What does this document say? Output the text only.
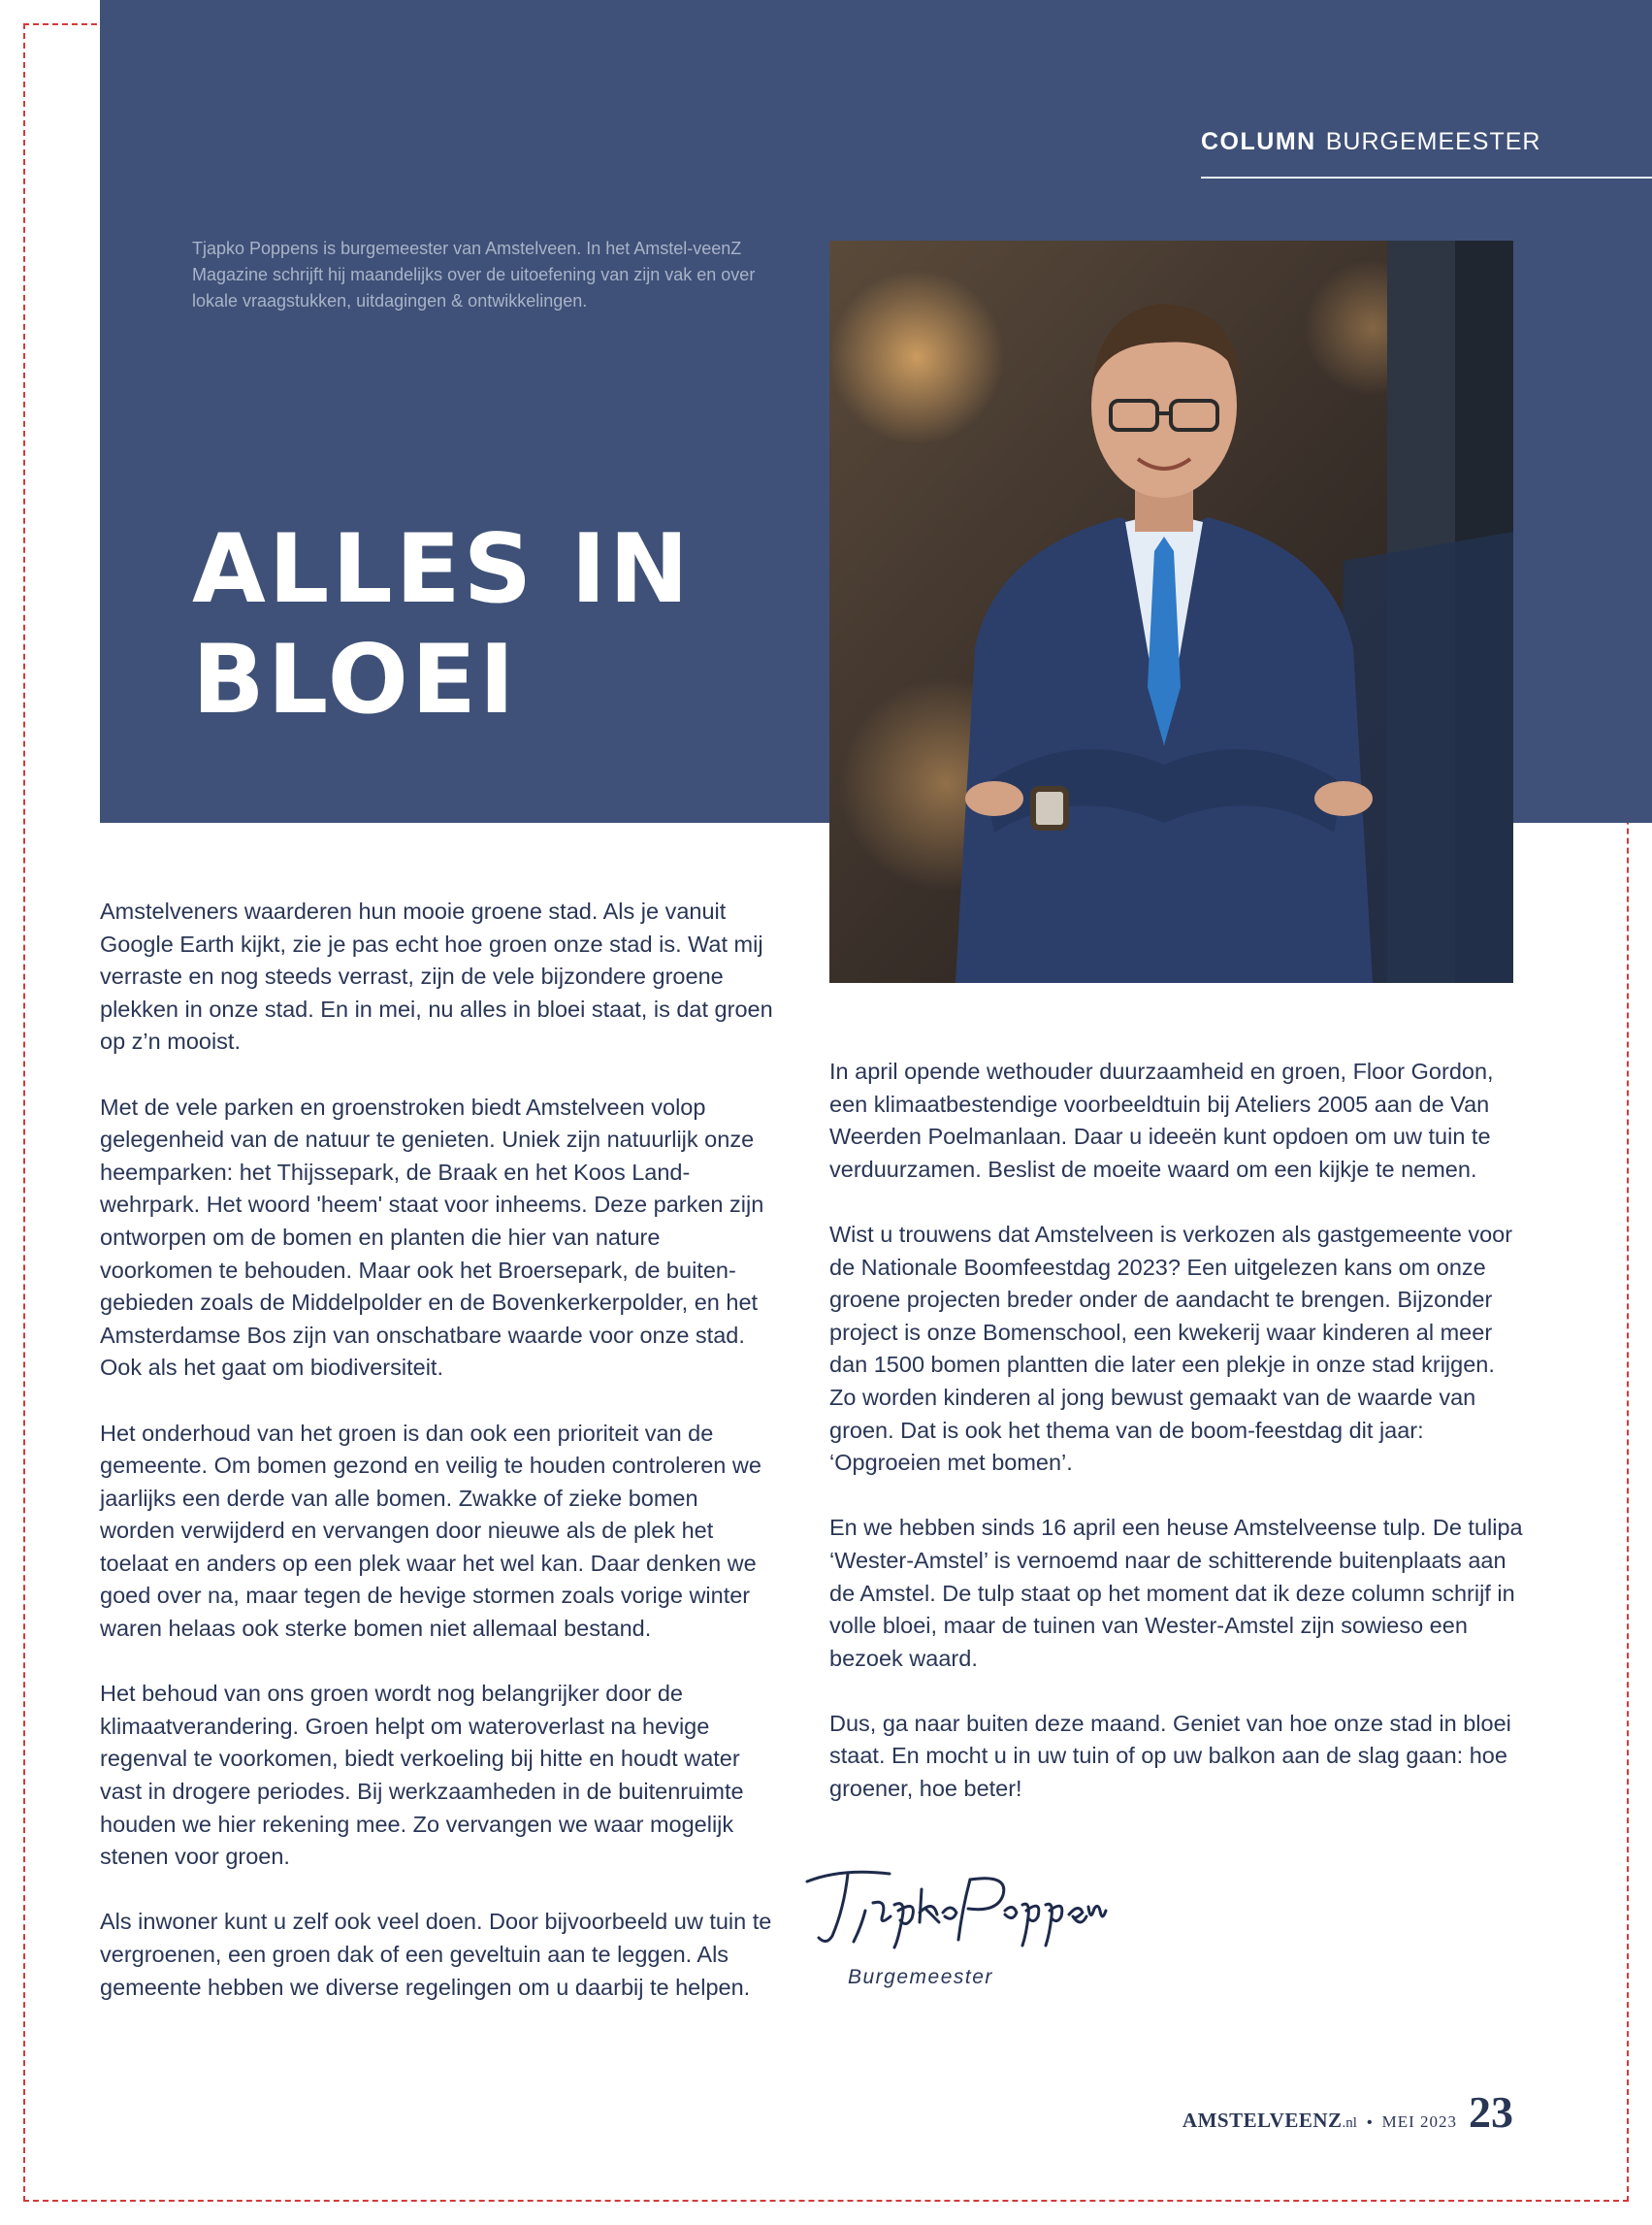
COLUMN BURGEMEESTER
Tjapko Poppens is burgemeester van Amstelveen. In het Amstel-veenZ Magazine schrijft hij maandelijks over de uitoefening van zijn vak en over lokale vraagstukken, uitdagingen & ontwikkelingen.
ALLES IN
BLOEI

Amstelveners waarderen hun mooie groene stad. Als je vanuit Google Earth kijkt, zie je pas echt hoe groen onze stad is. Wat mij verraste en nog steeds verrast, zijn de vele bijzondere groene plekken in onze stad. En in mei, nu alles in bloei staat, is dat groen op z’n mooist.

Met de vele parken en groenstroken biedt Amstelveen volop gelegenheid van de natuur te genieten. Uniek zijn natuurlijk onze heemparken: het Thijssepark, de Braak en het Koos Land-wehrpark. Het woord 'heem' staat voor inheems. Deze parken zijn ontworpen om de bomen en planten die hier van nature voorkomen te behouden. Maar ook het Broersepark, de buiten-gebieden zoals de Middelpolder en de Bovenkerkerpolder, en het Amsterdamse Bos zijn van onschatbare waarde voor onze stad. Ook als het gaat om biodiversiteit.

Het onderhoud van het groen is dan ook een prioriteit van de gemeente. Om bomen gezond en veilig te houden controleren we jaarlijks een derde van alle bomen. Zwakke of zieke bomen worden verwijderd en vervangen door nieuwe als de plek het toelaat en anders op een plek waar het wel kan. Daar denken we goed over na, maar tegen de hevige stormen zoals vorige winter waren helaas ook sterke bomen niet allemaal bestand.

Het behoud van ons groen wordt nog belangrijker door de klimaatverandering. Groen helpt om wateroverlast na hevige regenval te voorkomen, biedt verkoeling bij hitte en houdt water vast in drogere periodes. Bij werkzaamheden in de buitenruimte houden we hier rekening mee. Zo vervangen we waar mogelijk stenen voor groen.

Als inwoner kunt u zelf ook veel doen. Door bijvoorbeeld uw tuin te vergroenen, een groen dak of een geveltuin aan te leggen. Als gemeente hebben we diverse regelingen om u daarbij te helpen.

In april opende wethouder duurzaamheid en groen, Floor Gordon, een klimaatbestendige voorbeeldtuin bij Ateliers 2005 aan de Van Weerden Poelmanlaan. Daar u ideeën kunt opdoen om uw tuin te verduurzamen. Beslist de moeite waard om een kijkje te nemen.

Wist u trouwens dat Amstelveen is verkozen als gastgemeente voor de Nationale Boomfeestdag 2023? Een uitgelezen kans om onze groene projecten breder onder de aandacht te brengen. Bijzonder project is onze Bomenschool, een kwekerij waar kinderen al meer dan 1500 bomen plantten die later een plekje in onze stad krijgen. Zo worden kinderen al jong bewust gemaakt van de waarde van groen. Dat is ook het thema van de boom-feestdag dit jaar: ‘Opgroeien met bomen’.

En we hebben sinds 16 april een heuse Amstelveense tulp. De tulipa ‘Wester-Amstel’ is vernoemd naar de schitterende buitenplaats aan de Amstel. De tulp staat op het moment dat ik deze column schrijf in volle bloei, maar de tuinen van Wester-Amstel zijn sowieso een bezoek waard.

Dus, ga naar buiten deze maand. Geniet van hoe onze stad in bloei staat. En mocht u in uw tuin of op uw balkon aan de slag gaan: hoe groener, hoe beter!

Burgemeester
AMSTELVEENZ .nl • MEI 2023 23
